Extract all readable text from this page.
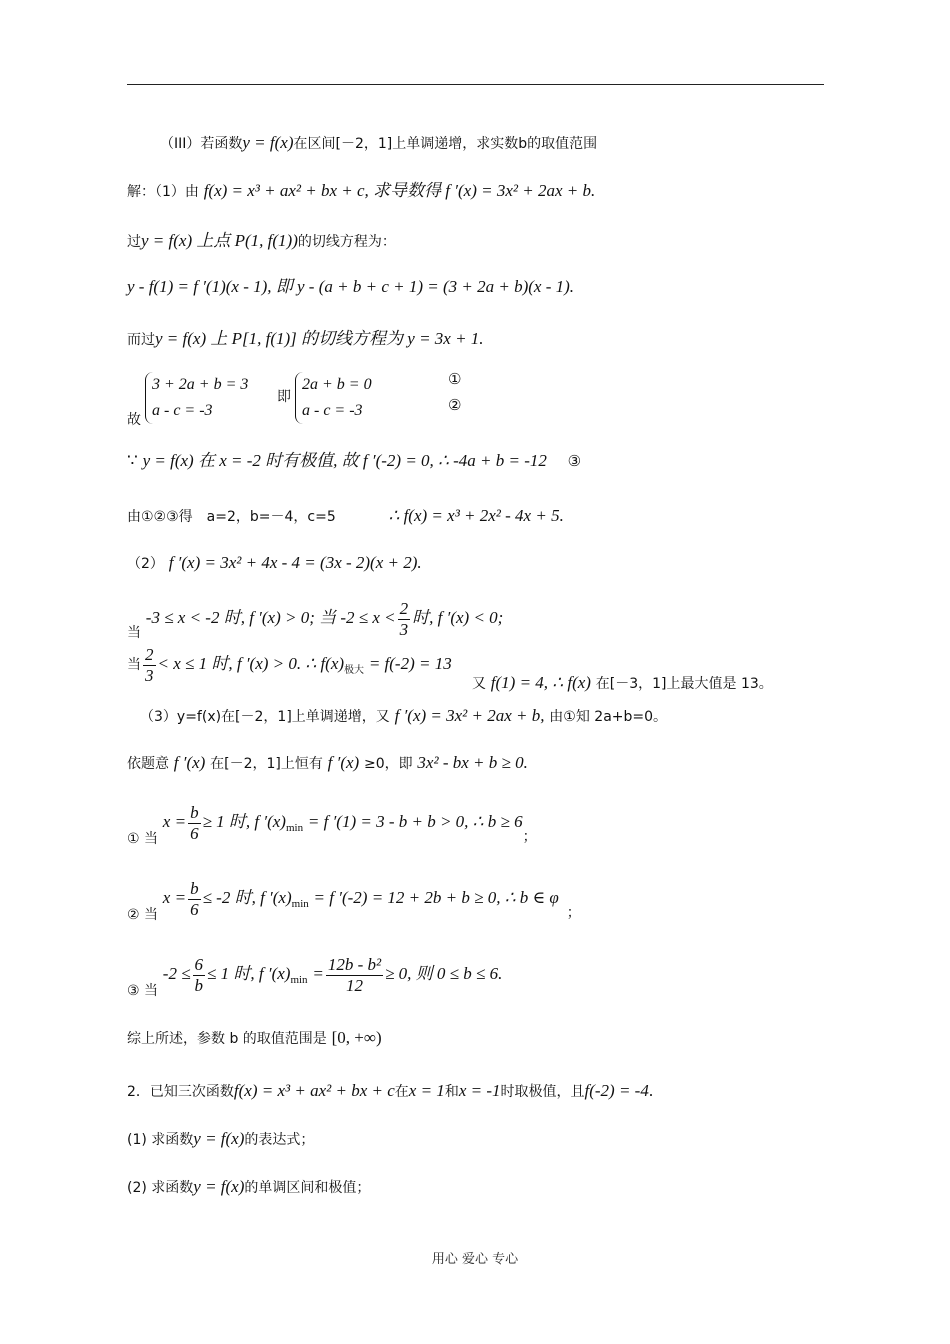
（III）若函数y = f(x)在区间[－2，1]上单调递增，求实数b的取值范围
解：（1）由 f(x) = x³ + ax² + bx + c, 求导数得 f ′(x) = 3x² + 2ax + b.
过y = f(x) 上点 P(1, f(1))的切线方程为：
y - f(1) = f ′(1)(x - 1), 即 y - (a + b + c + 1) = (3 + 2a + b)(x - 1).
而过y = f(x) 上 P[1, f(1)] 的切线方程为 y = 3x + 1.
故
3 + 2a + b = 3
a - c = -3
即
2a + b = 0
a - c = -3
①
②
∵ y = f(x) 在 x = -2 时有极值, 故 f ′(-2) = 0, ∴ -4a + b = -12 ③
由①②③得　a=2，b=－4，c=5	∴ f(x) = x³ + 2x² - 4x + 5.
（2） f ′(x) = 3x² + 4x - 4 = (3x - 2)(x + 2).
当 -3 ≤ x < -2 时, f ′(x) > 0; 当 $-2 \le x < \frac{2}{3}$ 时, f ′(x) < 0;
当 $\frac{2}{3} < x \le 1$ 时, f ′(x) > 0. ∴ $f(x)_{极大} = f(-2) = 13$
又 f(1) = 4, ∴ f(x) 在[－3，1]上最大值是 13。
（3）y=f(x)在[－2，1]上单调递增，又 f ′(x) = 3x² + 2ax + b, 由①知 2a+b=0。
依题意 f ′(x) 在[－2，1]上恒有 f ′(x) ≥0，即 3x² - bx + b ≥ 0.
① 当 $x = \frac{b}{6} \ge 1$ 时, f $'(x)_{min} = f$ ′(1) = 3 - b + b > 0, ∴ b ≥ 6；
② 当 $x = \frac{b}{6} \le -2$ 时, f $'(x)_{min} = f$ ′(-2) = 12 + 2b + b ≥ 0, ∴ b ∈ φ；
③ 当 $-2 \le \frac{6}{b} \le 1$ 时, f $'(x)_{min} = \frac{\text{12b - b²}}{12} \ge 0$, 则 0 ≤ b ≤ 6.
综上所述，参数 b 的取值范围是 [0, +∞)
2．已知三次函数f(x) = x³ + ax² + bx + c在x = 1和x = -1时取极值，且f(-2) = -4.
(1) 求函数y = f(x)的表达式；
(2) 求函数y = f(x)的单调区间和极值；
用心 爱心 专心
